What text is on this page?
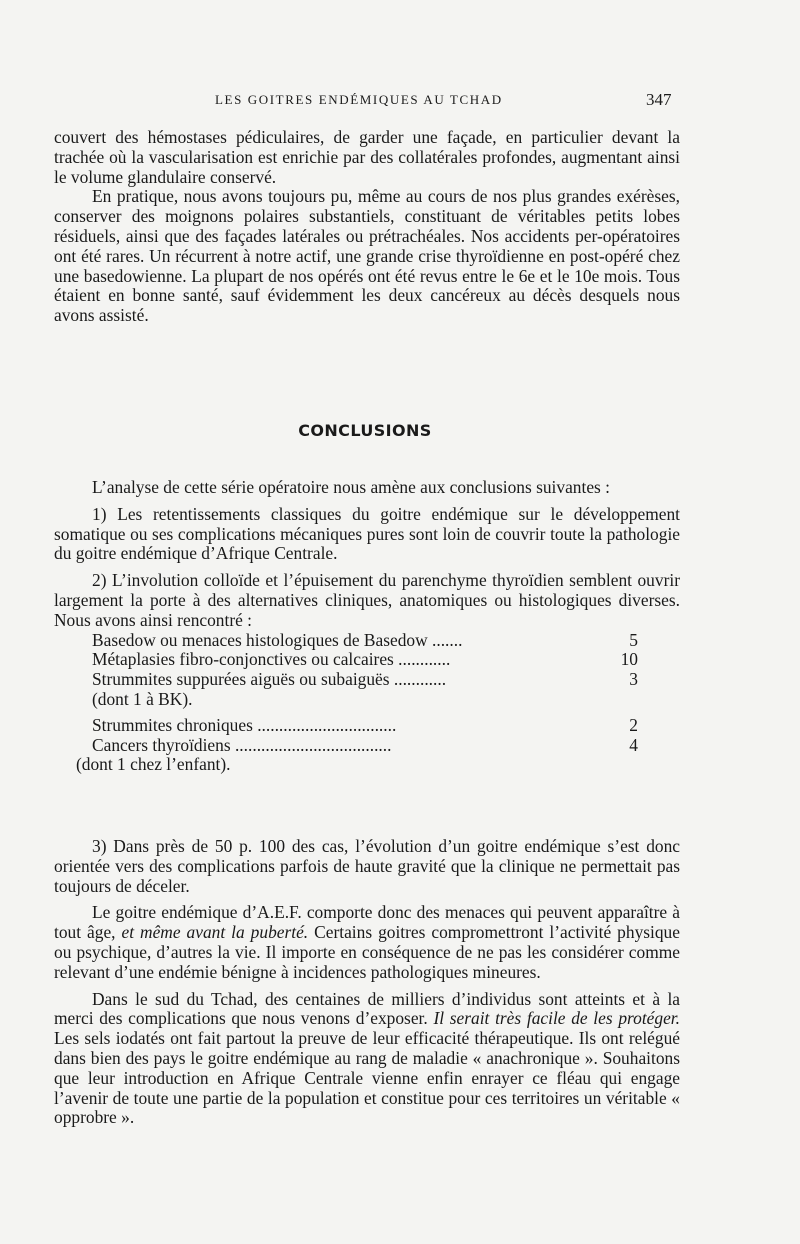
LES GOITRES ENDÉMIQUES AU TCHAD	347

couvert des hémostases pédiculaires, de garder une façade, en particulier devant la trachée où la vascularisation est enrichie par des collatérales profondes, augmentant ainsi le volume glandulaire conservé.

En pratique, nous avons toujours pu, même au cours de nos plus grandes exérèses, conserver des moignons polaires substantiels, constituant de véritables petits lobes résiduels, ainsi que des façades latérales ou prétrachéales. Nos accidents per-opératoires ont été rares. Un récurrent à notre actif, une grande crise thyroïdienne en post-opéré chez une basedowienne. La plupart de nos opérés ont été revus entre le 6e et le 10e mois. Tous étaient en bonne santé, sauf évidemment les deux cancéreux au décès desquels nous avons assisté.

CONCLUSIONS

L’analyse de cette série opératoire nous amène aux conclusions suivantes :

1) Les retentissements classiques du goitre endémique sur le développement somatique ou ses complications mécaniques pures sont loin de couvrir toute la pathologie du goitre endémique d’Afrique Centrale.

2) L’involution colloïde et l’épuisement du parenchyme thyroïdien semblent ouvrir largement la porte à des alternatives cliniques, anatomiques ou histologiques diverses. Nous avons ainsi rencontré :

Basedow ou menaces histologiques de Basedow .......	5
Métaplasies fibro-conjonctives ou calcaires ............	10
Strummites suppurées aiguës ou subaiguës ............	3
(dont 1 à BK).
Strummites chroniques ................................	2
Cancers thyroïdiens ....................................	4
(dont 1 chez l’enfant).

3) Dans près de 50 p. 100 des cas, l’évolution d’un goitre endémique s’est donc orientée vers des complications parfois de haute gravité que la clinique ne permettait pas toujours de déceler.

Le goitre endémique d’A.E.F. comporte donc des menaces qui peuvent apparaître à tout âge, et même avant la puberté. Certains goitres compromettront l’activité physique ou psychique, d’autres la vie. Il importe en conséquence de ne pas les considérer comme relevant d’une endémie bénigne à incidences pathologiques mineures.

Dans le sud du Tchad, des centaines de milliers d’individus sont atteints et à la merci des complications que nous venons d’exposer. Il serait très facile de les protéger. Les sels iodatés ont fait partout la preuve de leur efficacité thérapeutique. Ils ont relégué dans bien des pays le goitre endémique au rang de maladie « anachronique ». Souhaitons que leur introduction en Afrique Centrale vienne enfin enrayer ce fléau qui engage l’avenir de toute une partie de la population et constitue pour ces territoires un véritable « opprobre ».
